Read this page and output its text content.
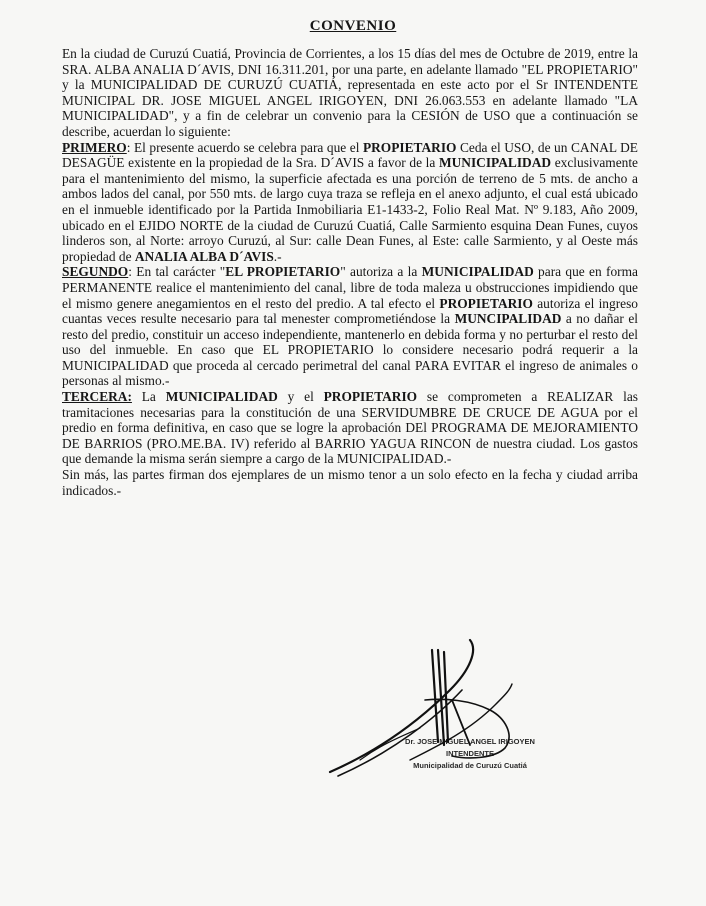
CONVENIO

En la ciudad de Curuzú Cuatiá, Provincia de Corrientes, a los 15 días del mes de Octubre de 2019, entre la SRA. ALBA ANALIA D´AVIS, DNI 16.311.201, por una parte, en adelante llamado "EL PROPIETARIO" y la MUNICIPALIDAD DE CURUZÚ CUATIÁ, representada en este acto por el Sr INTENDENTE MUNICIPAL DR. JOSE MIGUEL ANGEL IRIGOYEN, DNI 26.063.553 en adelante llamado "LA MUNICIPALIDAD", y a fin de celebrar un convenio para la CESIÓN de USO que a continuación se describe, acuerdan lo siguiente:

PRIMERO: El presente acuerdo se celebra para que el PROPIETARIO Ceda el USO, de un CANAL DE DESAGÜE existente en la propiedad de la Sra. D´AVIS a favor de la MUNICIPALIDAD exclusivamente para el mantenimiento del mismo, la superficie afectada es una porción de terreno de 5 mts. de ancho a ambos lados del canal, por 550 mts. de largo cuya traza se refleja en el anexo adjunto, el cual está ubicado en el inmueble identificado por la Partida Inmobiliaria E1-1433-2, Folio Real Mat. Nº 9.183, Año 2009, ubicado en el EJIDO NORTE de la ciudad de Curuzú Cuatiá, Calle Sarmiento esquina Dean Funes, cuyos linderos son, al Norte: arroyo Curuzú, al Sur: calle Dean Funes, al Este: calle Sarmiento, y al Oeste más propiedad de ANALIA ALBA D´AVIS.-

SEGUNDO: En tal carácter "EL PROPIETARIO" autoriza a la MUNICIPALIDAD para que en forma PERMANENTE realice el mantenimiento del canal, libre de toda maleza u obstrucciones impidiendo que el mismo genere anegamientos en el resto del predio. A tal efecto el PROPIETARIO autoriza el ingreso cuantas veces resulte necesario para tal menester comprometiéndose la MUNCIPALIDAD a no dañar el resto del predio, constituir un acceso independiente, mantenerlo en debida forma y no perturbar el resto del uso del inmueble. En caso que EL PROPIETARIO lo considere necesario podrá requerir a la MUNICIPALIDAD que proceda al cercado perimetral del canal PARA EVITAR el ingreso de animales o personas al mismo.-

TERCERA: La MUNICIPALIDAD y el PROPIETARIO se comprometen a REALIZAR las tramitaciones necesarias para la constitución de una SERVIDUMBRE DE CRUCE DE AGUA por el predio en forma definitiva, en caso que se logre la aprobación DEl PROGRAMA DE MEJORAMIENTO DE BARRIOS (PRO.ME.BA. IV) referido al BARRIO YAGUA RINCON de nuestra ciudad. Los gastos que demande la misma serán siempre a cargo de la MUNICIPALIDAD.-

Sin más, las partes firman dos ejemplares de un mismo tenor a un solo efecto en la fecha y ciudad arriba indicados.-

Dr. JOSE MIGUEL ANGEL IRIGOYEN
INTENDENTE
Municipalidad de Curuzú Cuatiá
